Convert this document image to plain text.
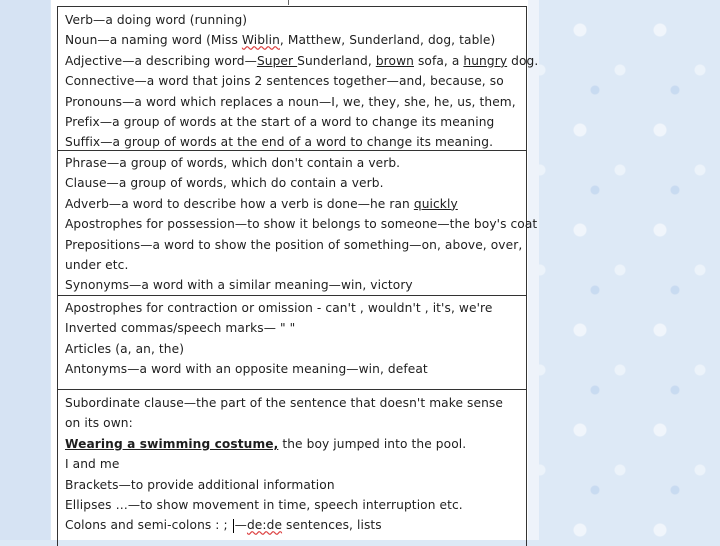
Verb—a doing word (running)
Noun—a naming word (Miss Wiblin, Matthew, Sunderland, dog, table)
Adjective—a describing word—Super Sunderland, brown sofa, a hungry dog.
Connective—a word that joins 2 sentences together—and, because, so
Pronouns—a word which replaces a noun—I, we, they, she, he, us, them,
Prefix—a group of words at the start of a word to change its meaning
Suffix—a group of words at the end of a word to change its meaning.
Phrase—a group of words, which don't contain a verb.
Clause—a group of words, which do contain a verb.
Adverb—a word to describe how a verb is done—he ran quickly
Apostrophes for possession—to show it belongs to someone—the boy's coat
Prepositions—a word to show the position of something—on, above, over,
under etc.
Synonyms—a word with a similar meaning—win, victory
Apostrophes for contraction or omission - can't , wouldn't , it's, we're
Inverted commas/speech marks— " "
Articles (a, an, the)
Antonyms—a word with an opposite meaning—win, defeat
Subordinate clause—the part of the sentence that doesn't make sense on its own:
Wearing a swimming costume, the boy jumped into the pool.
I and me
Brackets—to provide additional information
Ellipses …—to show movement in time, speech interruption etc.
Colons and semi-colons : ; —de:de sentences, lists
